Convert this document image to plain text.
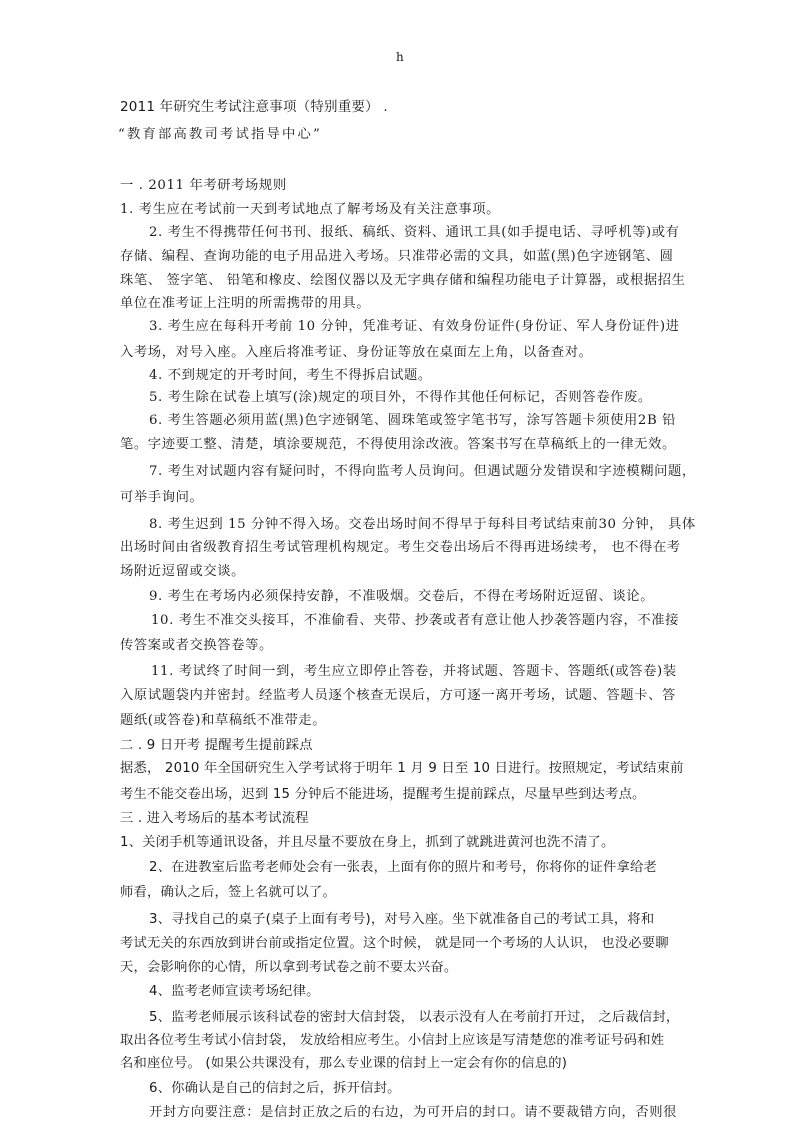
h
2011 年研究生考试注意事项（特别重要） .
“教育部高教司考试指导中心”
一 . 2011 年考研考场规则
1. 考生应在考试前一天到考试地点了解考场及有关注意事项。
2. 考生不得携带任何书刊、报纸、稿纸、资料、通讯工具(如手提电话、寻呼机等)或有
存储、编程、查询功能的电子用品进入考场。只准带必需的文具，如蓝(黑)色字迹钢笔、圆
珠笔、 签字笔、 铅笔和橡皮、绘图仪器以及无字典存储和编程功能电子计算器，或根据招生
单位在准考证上注明的所需携带的用具。
3. 考生应在每科开考前 10 分钟，凭准考证、有效身份证件(身份证、军人身份证件)进
入考场，对号入座。入座后将准考证、身份证等放在桌面左上角，以备查对。
4. 不到规定的开考时间，考生不得拆启试题。
5. 考生除在试卷上填写(涂)规定的项目外，不得作其他任何标记，否则答卷作废。
6. 考生答题必须用蓝(黑)色字迹钢笔、圆珠笔或签字笔书写，涂写答题卡须使用2B 铅
笔。字迹要工整、清楚，填涂要规范，不得使用涂改液。答案书写在草稿纸上的一律无效。
7. 考生对试题内容有疑问时，不得向监考人员询问。但遇试题分发错误和字迹模糊问题，
可举手询问。
8. 考生迟到 15 分钟不得入场。交卷出场时间不得早于每科目考试结束前30 分钟， 具体
出场时间由省级教育招生考试管理机构规定。考生交卷出场后不得再进场续考， 也不得在考
场附近逗留或交谈。
9. 考生在考场内必须保持安静，不准吸烟。交卷后，不得在考场附近逗留、谈论。
10. 考生不准交头接耳，不准偷看、夹带、抄袭或者有意让他人抄袭答题内容，不准接
传答案或者交换答卷等。
11. 考试终了时间一到，考生应立即停止答卷，并将试题、答题卡、答题纸(或答卷)装
入原试题袋内并密封。经监考人员逐个核查无误后，方可逐一离开考场，试题、答题卡、答
题纸(或答卷)和草稿纸不准带走。
二 . 9 日开考 提醒考生提前踩点
据悉， 2010 年全国研究生入学考试将于明年 1 月 9 日至 10 日进行。按照规定，考试结束前
考生不能交卷出场，迟到 15 分钟后不能进场，提醒考生提前踩点，尽量早些到达考点。
三 . 进入考场后的基本考试流程
1、关闭手机等通讯设备，并且尽量不要放在身上，抓到了就跳进黄河也洗不清了。
2、在进教室后监考老师处会有一张表，上面有你的照片和考号，你将你的证件拿给老
师看，确认之后，签上名就可以了。
3、寻找自己的桌子(桌子上面有考号)，对号入座。坐下就准备自己的考试工具，将和
考试无关的东西放到讲台前或指定位置。这个时候， 就是同一个考场的人认识， 也没必要聊
天，会影响你的心情，所以拿到考试卷之前不要太兴奋。
4、监考老师宣读考场纪律。
5、监考老师展示该科试卷的密封大信封袋， 以表示没有人在考前打开过， 之后裁信封，
取出各位考生考试小信封袋， 发放给相应考生。小信封上应该是写清楚您的准考证号码和姓
名和座位号。 (如果公共课没有，那么专业课的信封上一定会有你的信息的)
6、你确认是自己的信封之后，拆开信封。
开封方向要注意：是信封正放之后的右边，为可开启的封口。请不要裁错方向，否则很
